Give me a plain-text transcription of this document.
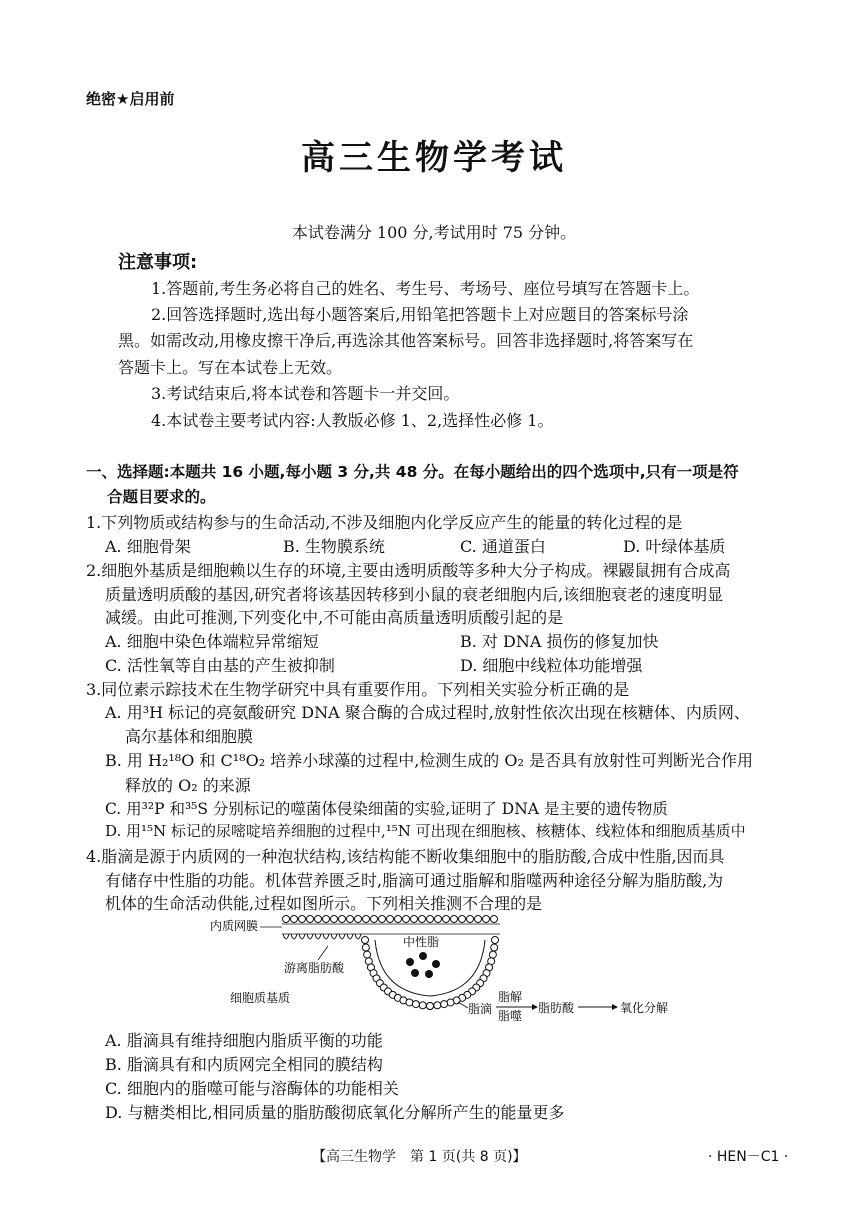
绝密★启用前
高三生物学考试
本试卷满分 100 分,考试用时 75 分钟。
注意事项:
1.答题前,考生务必将自己的姓名、考生号、考场号、座位号填写在答题卡上。
2.回答选择题时,选出每小题答案后,用铅笔把答题卡上对应题目的答案标号涂
黑。如需改动,用橡皮擦干净后,再选涂其他答案标号。回答非选择题时,将答案写在
答题卡上。写在本试卷上无效。
3.考试结束后,将本试卷和答题卡一并交回。
4.本试卷主要考试内容:人教版必修 1、2,选择性必修 1。
一、选择题:本题共 16 小题,每小题 3 分,共 48 分。在每小题给出的四个选项中,只有一项是符
合题目要求的。
1.下列物质或结构参与的生命活动,不涉及细胞内化学反应产生的能量的转化过程的是
A. 细胞骨架	B. 生物膜系统	C. 通道蛋白	D. 叶绿体基质
2.细胞外基质是细胞赖以生存的环境,主要由透明质酸等多种大分子构成。裸鼹鼠拥有合成高
质量透明质酸的基因,研究者将该基因转移到小鼠的衰老细胞内后,该细胞衰老的速度明显
减缓。由此可推测,下列变化中,不可能由高质量透明质酸引起的是
A. 细胞中染色体端粒异常缩短	B. 对 DNA 损伤的修复加快
C. 活性氧等自由基的产生被抑制	D. 细胞中线粒体功能增强
3.同位素示踪技术在生物学研究中具有重要作用。下列相关实验分析正确的是
A. 用³H 标记的亮氨酸研究 DNA 聚合酶的合成过程时,放射性依次出现在核糖体、内质网、
高尔基体和细胞膜
B. 用 H₂¹⁸O 和 C¹⁸O₂ 培养小球藻的过程中,检测生成的 O₂ 是否具有放射性可判断光合作用
释放的 O₂ 的来源
C. 用³²P 和³⁵S 分别标记的噬菌体侵染细菌的实验,证明了 DNA 是主要的遗传物质
D. 用¹⁵N 标记的尿嘧啶培养细胞的过程中,¹⁵N 可出现在细胞核、核糖体、线粒体和细胞质基质中
4.脂滴是源于内质网的一种泡状结构,该结构能不断收集细胞中的脂肪酸,合成中性脂,因而具
有储存中性脂的功能。机体营养匮乏时,脂滴可通过脂解和脂噬两种途径分解为脂肪酸,为
机体的生命活动供能,过程如图所示。下列相关推测不合理的是
内质网膜
中性脂
游离脂肪酸
细胞质基质
脂滴
脂解
脂噬
脂肪酸	氧化分解
A. 脂滴具有维持细胞内脂质平衡的功能
B. 脂滴具有和内质网完全相同的膜结构
C. 细胞内的脂噬可能与溶酶体的功能相关
D. 与糖类相比,相同质量的脂肪酸彻底氧化分解所产生的能量更多
【高三生物学　第 1 页(共 8 页)】	· HEN－C1 ·
